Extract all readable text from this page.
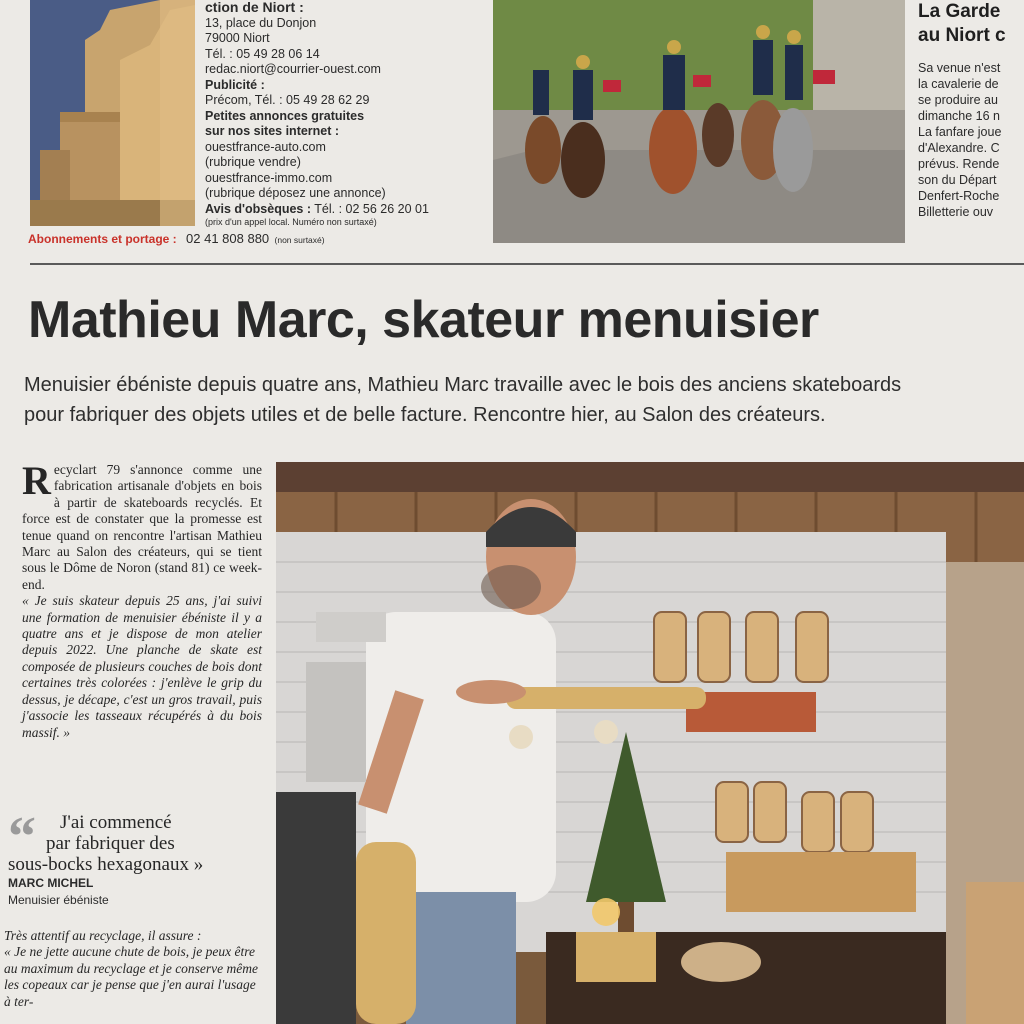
ction de Niort :
13, place du Donjon
79000 Niort
Tél. : 05 49 28 06 14
redac.niort@courrier-ouest.com
Publicité :
Précom, Tél. : 05 49 28 62 29
Petites annonces gratuites
sur nos sites internet :
ouestfrance-auto.com
(rubrique vendre)
ouestfrance-immo.com
(rubrique déposez une annonce)
Avis d'obsèques : Tél. : 02 56 26 20 01
(prix d'un appel local. Numéro non surtaxé)
Abonnements et portage : 02 41 808 880 (non surtaxé)
La Garde
au Niort c
Sa venue n'est
la cavalerie de
se produire au
dimanche 16 n
La fanfare joue
d'Alexandre. C
prévus. Rende
son du Départ
Denfert-Roche
Billetterie ouv
Mathieu Marc, skateur menuisier
Menuisier ébéniste depuis quatre ans, Mathieu Marc travaille avec le bois des anciens skateboards
pour fabriquer des objets utiles et de belle facture. Rencontre hier, au Salon des créateurs.

Recyclart 79 s'annonce comme une fabrication artisanale d'objets en bois à partir de skateboards recyclés. Et force est de constater que la promesse est tenue quand on rencontre l'artisan Mathieu Marc au Salon des créateurs, qui se tient sous le Dôme de Noron (stand 81) ce week-end.

« Je suis skateur depuis 25 ans, j'ai suivi une formation de menuisier ébéniste il y a quatre ans et je dispose de mon atelier depuis 2022. Une planche de skate est composée de plusieurs couches de bois dont certaines très colorées : j'enlève le grip du dessus, je décape, c'est un gros travail, puis j'associe les tasseaux récupérés à du bois massif. »

“	J'ai commencé
par fabriquer des
sous-bocks hexagonaux »
MARC MICHEL
Menuisier ébéniste

Très attentif au recyclage, il assure :

« Je ne jette aucune chute de bois, je peux être au maximum du recyclage et je conserve même les copeaux car je pense que j'en aurai l'usage à ter-
